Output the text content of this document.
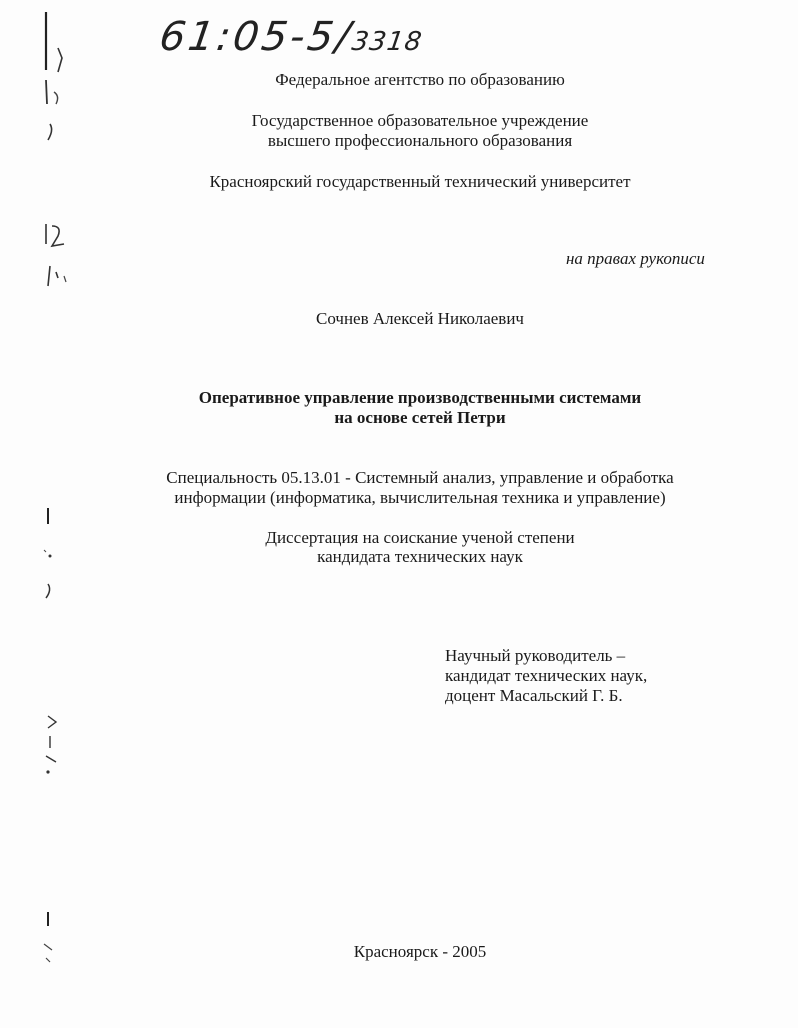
61:05-5/3318
Федеральное агентство по образованию
Государственное образовательное учреждение
высшего профессионального образования
Красноярский государственный технический университет
на правах рукописи
Сочнев Алексей Николаевич
Оперативное управление производственными системами
на основе сетей Петри
Специальность 05.13.01 - Системный анализ, управление и обработка
информации (информатика, вычислительная техника и управление)
Диссертация на соискание ученой степени
кандидата технических наук
Научный руководитель –
кандидат технических наук,
доцент Масальский Г. Б.
Красноярск - 2005
